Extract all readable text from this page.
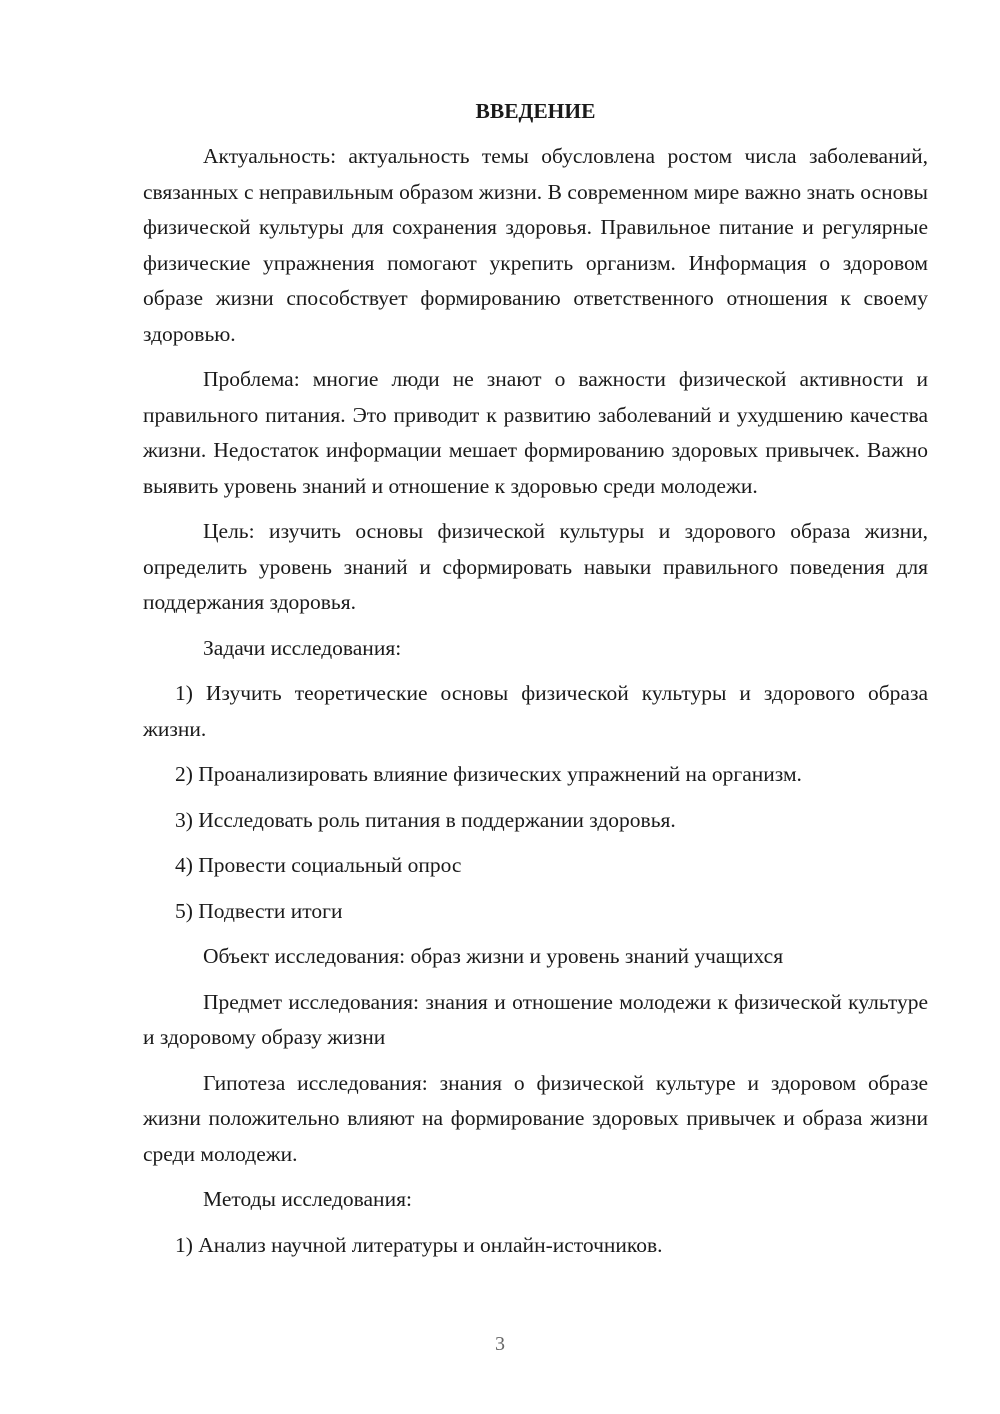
ВВЕДЕНИЕ

Актуальность: актуальность темы обусловлена ростом числа заболеваний, связанных с неправильным образом жизни. В современном мире важно знать основы физической культуры для сохранения здоровья. Правильное питание и регулярные физические упражнения помогают укрепить организм. Информация о здоровом образе жизни способствует формированию ответственного отношения к своему здоровью.

Проблема: многие люди не знают о важности физической активности и правильного питания. Это приводит к развитию заболеваний и ухудшению качества жизни. Недостаток информации мешает формированию здоровых привычек. Важно выявить уровень знаний и отношение к здоровью среди молодежи.

Цель: изучить основы физической культуры и здорового образа жизни, определить уровень знаний и сформировать навыки правильного поведения для поддержания здоровья.

Задачи исследования:

1) Изучить теоретические основы физической культуры и здорового образа жизни.

2) Проанализировать влияние физических упражнений на организм.

3) Исследовать роль питания в поддержании здоровья.

4) Провести социальный опрос

5) Подвести итоги

Объект исследования: образ жизни и уровень знаний учащихся

Предмет исследования: знания и отношение молодежи к физической культуре и здоровому образу жизни

Гипотеза исследования: знания о физической культуре и здоровом образе жизни положительно влияют на формирование здоровых привычек и образа жизни среди молодежи.

Методы исследования:

1) Анализ научной литературы и онлайн-источников.

3
